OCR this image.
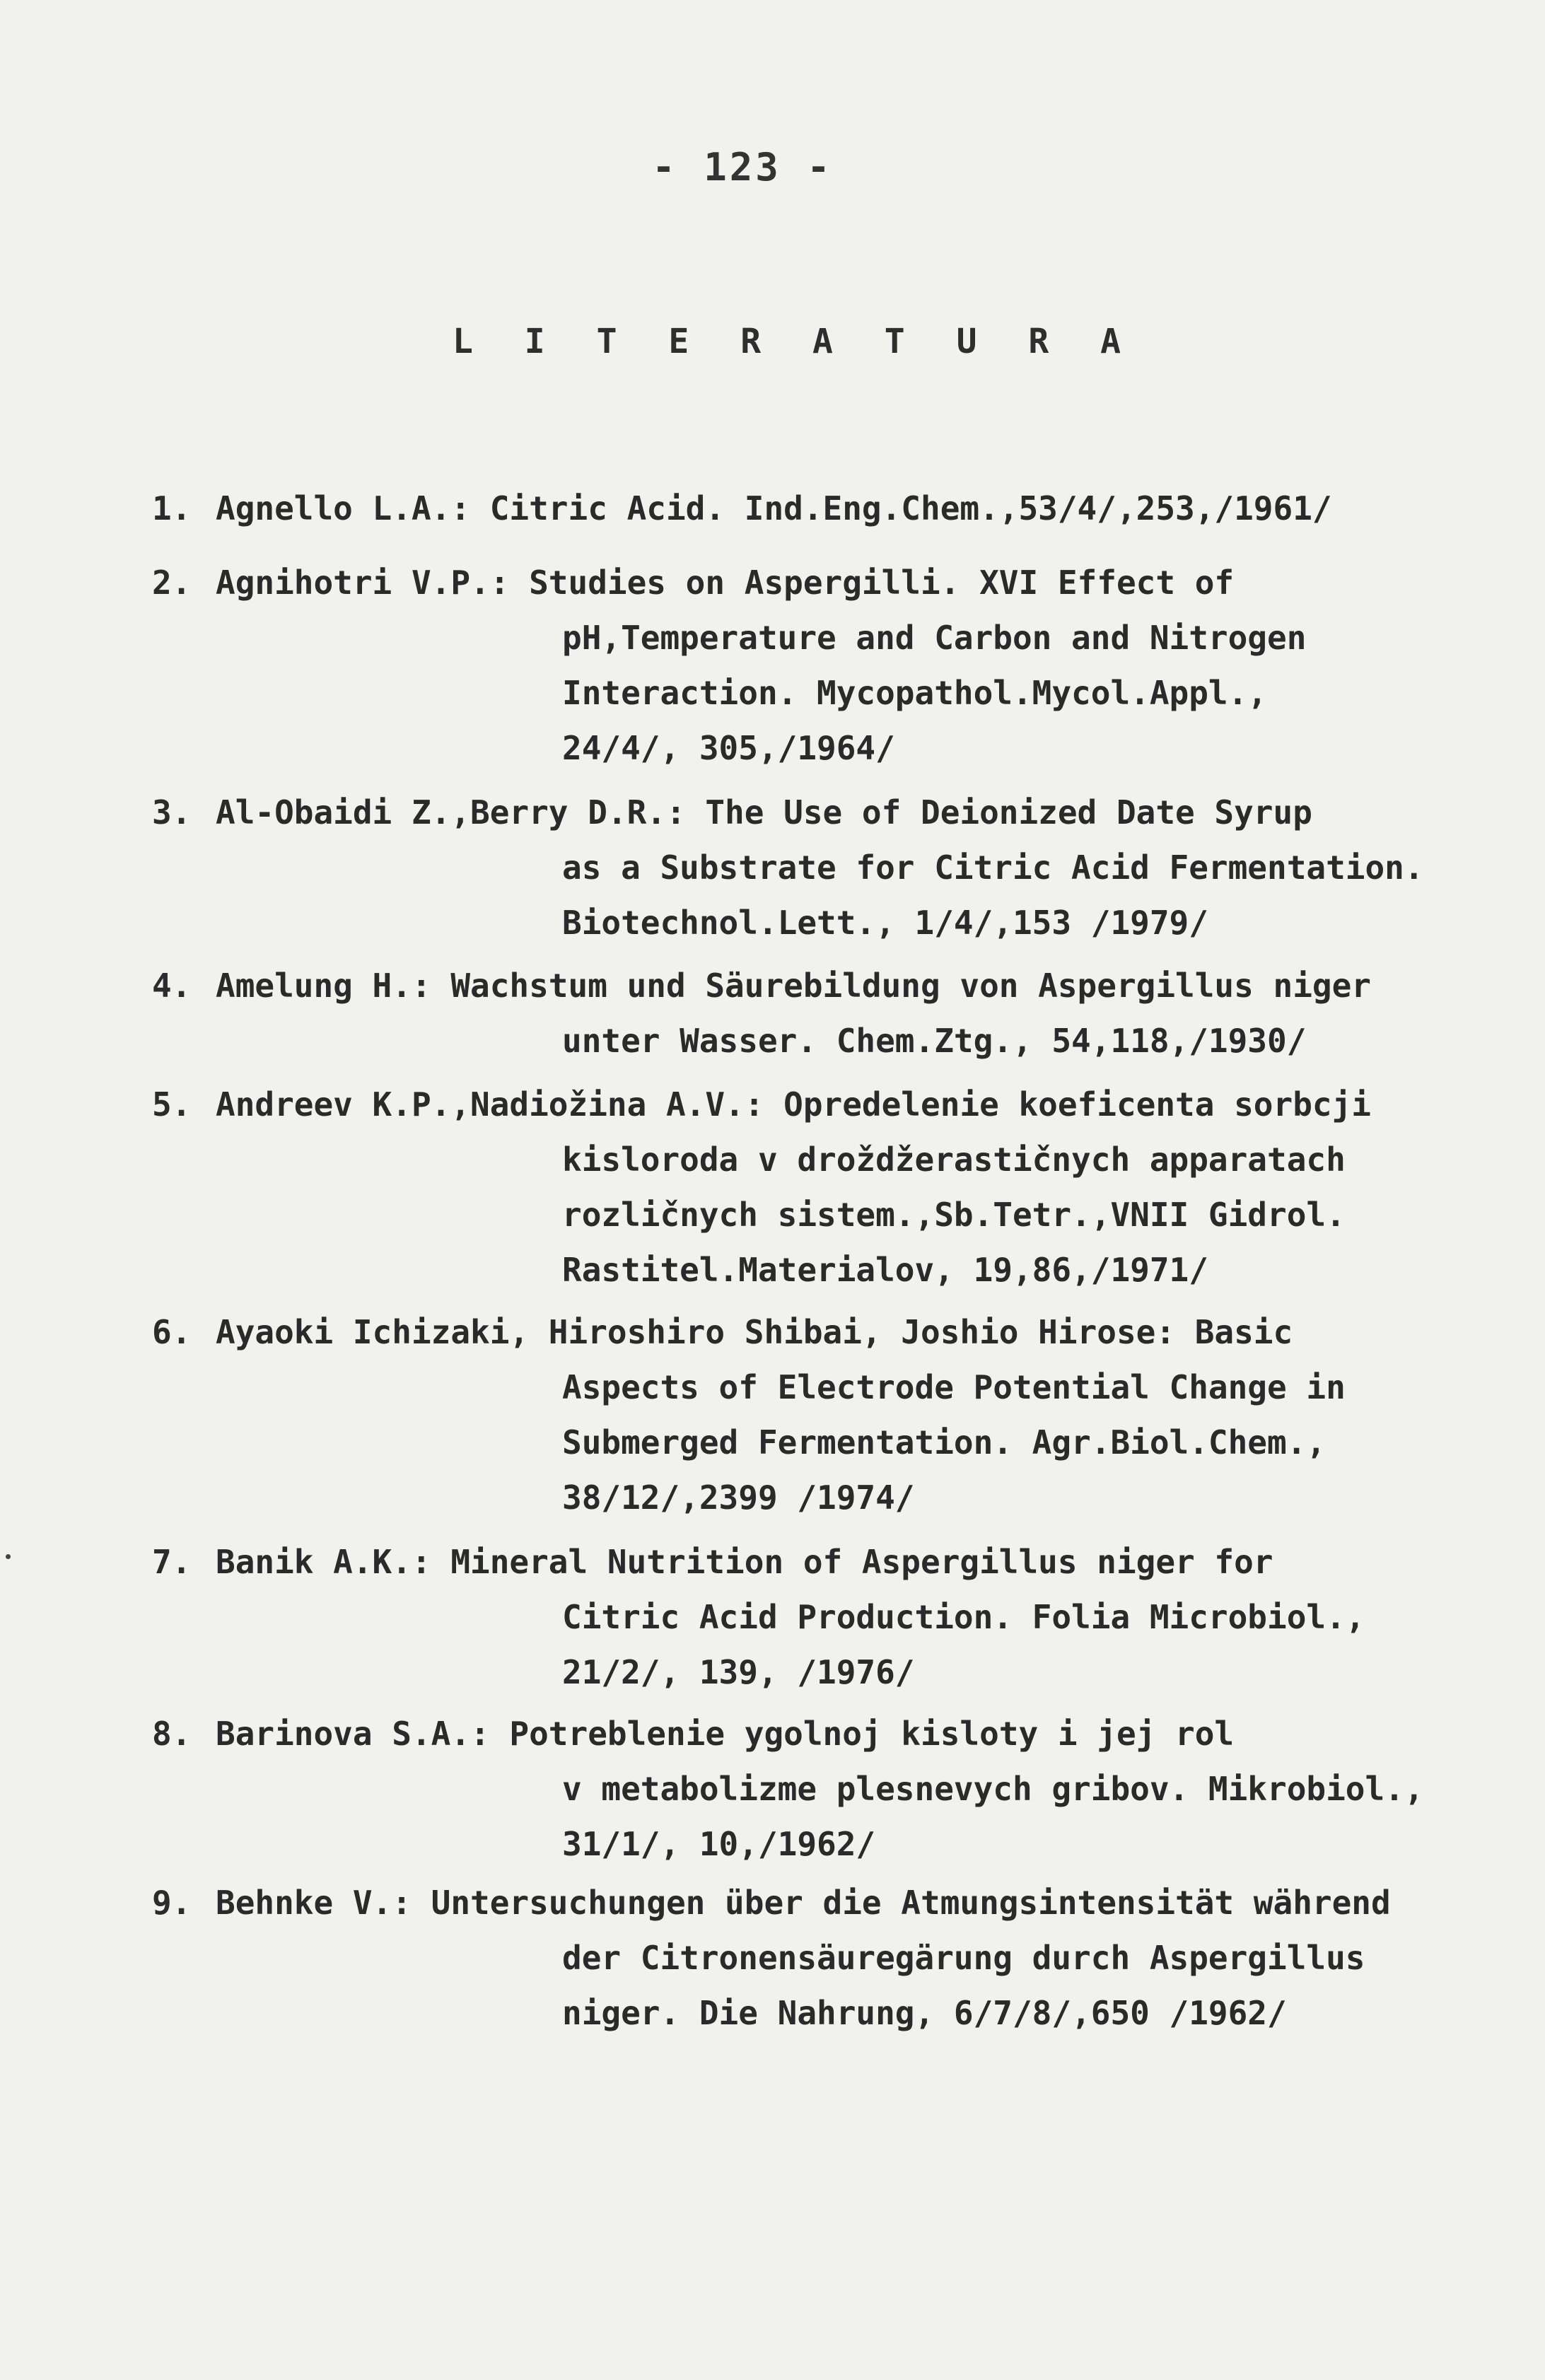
- 123 -
L I T E R A T U R A
1. Agnello L.A.: Citric Acid. Ind.Eng.Chem.,53/4/,253,/1961/
2. Agnihotri V.P.: Studies on Aspergilli. XVI Effect of
pH,Temperature and Carbon and Nitrogen
Interaction. Mycopathol.Mycol.Appl.,
24/4/, 305,/1964/
3. Al-Obaidi Z.,Berry D.R.: The Use of Deionized Date Syrup
as a Substrate for Citric Acid Fermentation.
Biotechnol.Lett., 1/4/,153 /1979/
4. Amelung H.: Wachstum und Säurebildung von Aspergillus niger
unter Wasser. Chem.Ztg., 54,118,/1930/
5. Andreev K.P.,Nadiožina A.V.: Opredelenie koeficenta sorbcji
kisloroda v droždžerastičnych apparatach
rozličnych sistem.,Sb.Tetr.,VNII Gidrol.
Rastitel.Materialov, 19,86,/1971/
6. Ayaoki Ichizaki, Hiroshiro Shibai, Joshio Hirose: Basic
Aspects of Electrode Potential Change in
Submerged Fermentation. Agr.Biol.Chem.,
38/12/,2399 /1974/
7. Banik A.K.: Mineral Nutrition of Aspergillus niger for
Citric Acid Production. Folia Microbiol.,
21/2/, 139, /1976/
8. Barinova S.A.: Potreblenie ygolnoj kisloty i jej rol
v metabolizme plesnevych gribov. Mikrobiol.,
31/1/, 10,/1962/
9. Behnke V.: Untersuchungen über die Atmungsintensität während
der Citronensäuregärung durch Aspergillus
niger. Die Nahrung, 6/7/8/,650 /1962/
